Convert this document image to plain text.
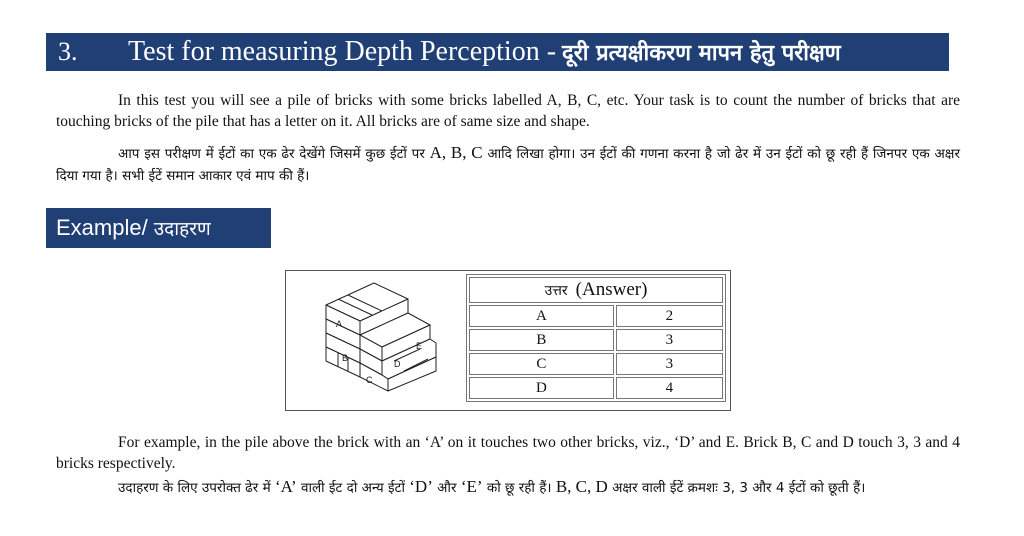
3.	Test for measuring Depth Perception - दूरी प्रत्यक्षीकरण मापन हेतु परीक्षण

In this test you will see a pile of bricks with some bricks labelled A, B, C, etc. Your task is to count the number of bricks that are touching bricks of the pile that has a letter on it. All bricks are of same size and shape.

आप इस परीक्षण में ईटों का एक ढेर देखेंगे जिसमें कुछ ईटों पर A, B, C आदि लिखा होगा। उन ईटों की गणना करना है जो ढेर में उन ईटों को छू रही हैं जिनपर एक अक्षर दिया गया है। सभी ईटें समान आकार एवं माप की हैं।

Example/ उदाहरण
A
B
C
D
E
उत्तर (Answer)	
A	2
B	3
C	3
D	4

For example, in the pile above the brick with an ‘A’ on it touches two other bricks, viz., ‘D’ and E. Brick B, C and D touch 3, 3 and 4 bricks respectively.

उदाहरण के लिए उपरोक्त ढेर में ‘A’ वाली ईट दो अन्य ईटों ‘D’ और ‘E’ को छू रही हैं। B, C, D अक्षर वाली ईटें क्रमशः 3, 3 और 4 ईटों को छूती हैं।
